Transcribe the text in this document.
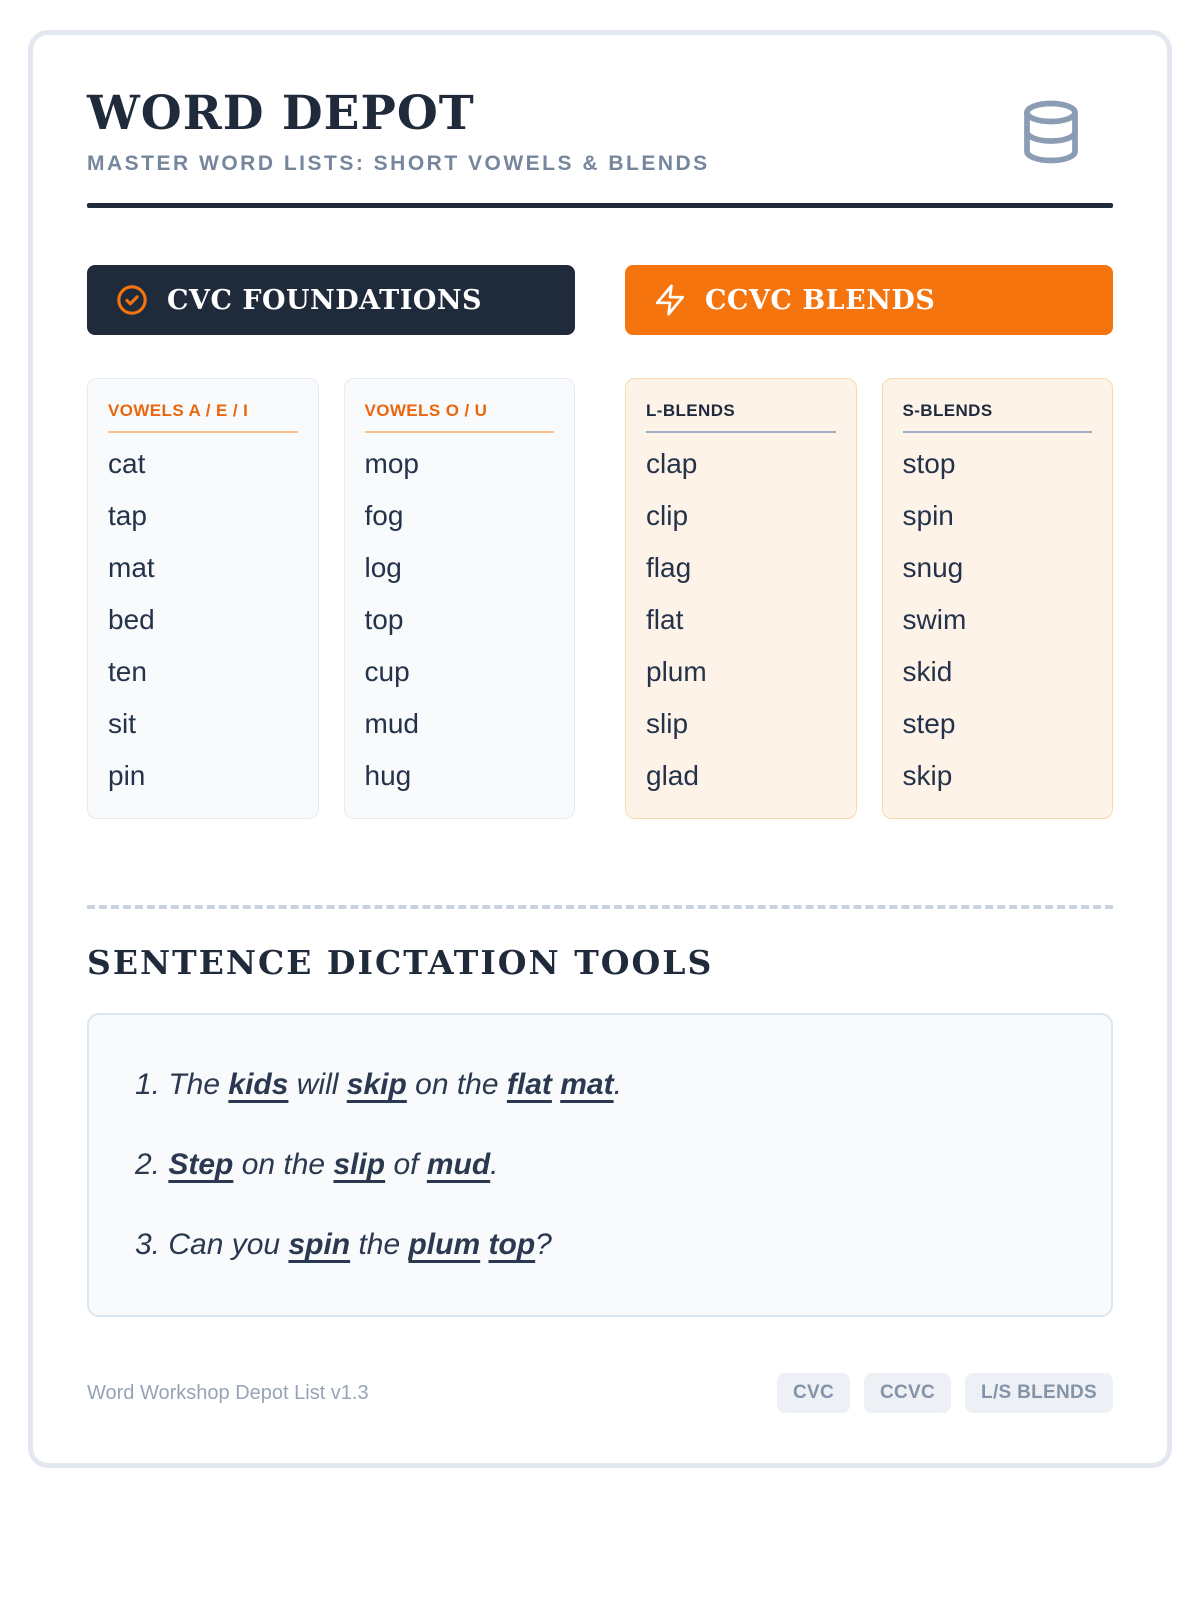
WORD DEPOT
MASTER WORD LISTS: SHORT VOWELS & BLENDS
CVC FOUNDATIONS	CCVC BLENDS
VOWELS A / E / I
cat
tap
mat
bed
ten
sit
pin
VOWELS O / U
mop
fog
log
top
cup
mud
hug
L-BLENDS
clap
clip
flag
flat
plum
slip
glad
S-BLENDS
stop
spin
snug
swim
skid
step
skip
SENTENCE DICTATION TOOLS

1. The kids will skip on the flat mat.

2. Step on the slip of mud.

3. Can you spin the plum top?

Word Workshop Depot List v1.3	CVC	CCVC	L/S BLENDS
